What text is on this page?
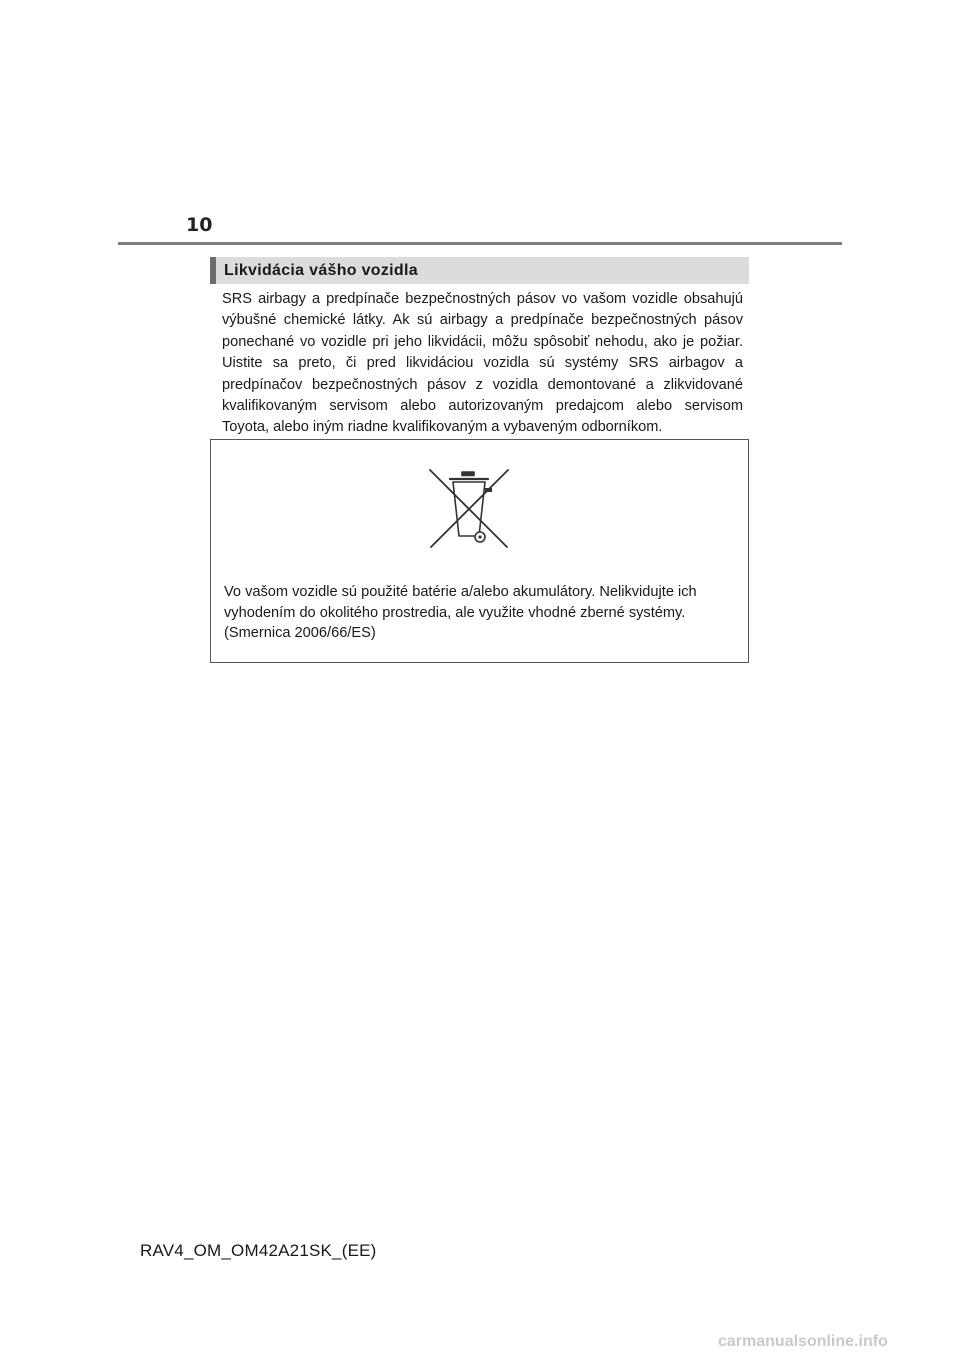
10
Likvidácia vášho vozidla

SRS airbagy a predpínače bezpečnostných pásov vo vašom vozidle obsahujú výbušné chemické látky. Ak sú airbagy a predpínače bezpečnostných pásov ponechané vo vozidle pri jeho likvidácii, môžu spôsobiť nehodu, ako je požiar. Uistite sa preto, či pred likvidáciou vozidla sú systémy SRS airbagov a predpínačov bezpečnostných pásov z vozidla demontované a zlikvidované kvalifikovaným servisom alebo autorizovaným predajcom alebo servisom Toyota, alebo iným riadne kvalifikovaným a vybaveným odborníkom.

Vo vašom vozidle sú použité batérie a/alebo akumulátory. Nelikvidujte ich
vyhodením do okolitého prostredia, ale využite vhodné zberné systémy.
(Smernica 2006/66/ES)

RAV4_OM_OM42A21SK_(EE)
carmanualsonline.info
